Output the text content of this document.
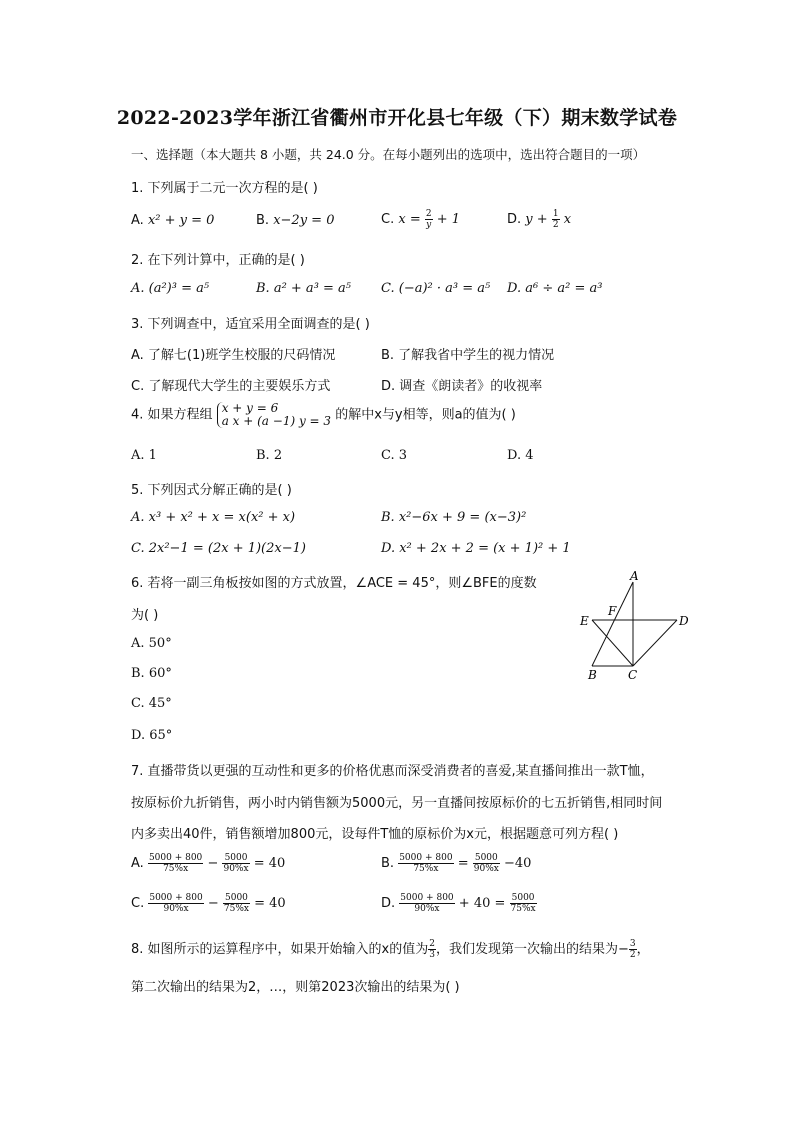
2022-2023学年浙江省衢州市开化县七年级（下）期末数学试卷
一、选择题（本大题共 8 小题，共 24.0 分。在每小题列出的选项中，选出符合题目的一项）
1. 下列属于二元一次方程的是( )
A. x² + y = 0	B. x−2y = 0	C. $x = \frac{2}{y} + 1$	D. $y + \frac{1}{2}$ x
2. 在下列计算中，正确的是( )
A. (a²)³ = a⁵	B. a² + a³ = a⁵ C. (−a)² · a³ = a⁵ D. a⁶ ÷ a² = a³
3. 下列调查中，适宜采用全面调查的是( )
A. 了解七(1)班学生校服的尺码情况	B. 了解我省中学生的视力情况
C. 了解现代大学生的主要娱乐方式	D. 调查《朗读者》的收视率
4. 如果方程组 x + y = 6
a x + (a −1) y = 3 的解中x与y相等，则a的值为( )
A. 1	B. 2	C. 3	D. 4
5. 下列因式分解正确的是( )
A. x³ + x² + x = x(x² + x)	B. x²−6x + 9 = (x−3)²
C. 2x²−1 = (2x + 1)(2x−1)	D. x² + 2x + 2 = (x + 1)² + 1
6. 若将一副三角板按如图的方式放置，∠ACE = 45°，则∠BFE的度数
为( )
A. 50°
B. 60°
C. 45°
D. 65°
A
F
E	D
B	C
7. 直播带货以更强的互动性和更多的价格优惠而深受消费者的喜爱,某直播间推出一款T恤，
按原标价九折销售，两小时内销售额为5000元，另一直播间按原标价的七五折销售,相同时间
内多卖出40件，销售额增加800元，设每件T恤的原标价为x元，根据题意可列方程( )
A. $\frac{5000 + 800}{75\%x} - \frac{5000}{90\%x} = 40$	B. $\frac{5000 + 800}{75\%x} = \frac{5000}{90\%x} -40$
C. $\frac{5000 + 800}{90\%x} - \frac{5000}{75\%x} = 40$	D. $\frac{5000 + 800}{90\%x} + 40 = \frac{5000}{75\%x}$
8. 如图所示的运算程序中，如果开始输入的x的值为 $\frac{2}{3}$ ，我们发现第一次输出的结果为− $\frac{3}{2}$ ，
第二次输出的结果为2，…，则第2023次输出的结果为( )
